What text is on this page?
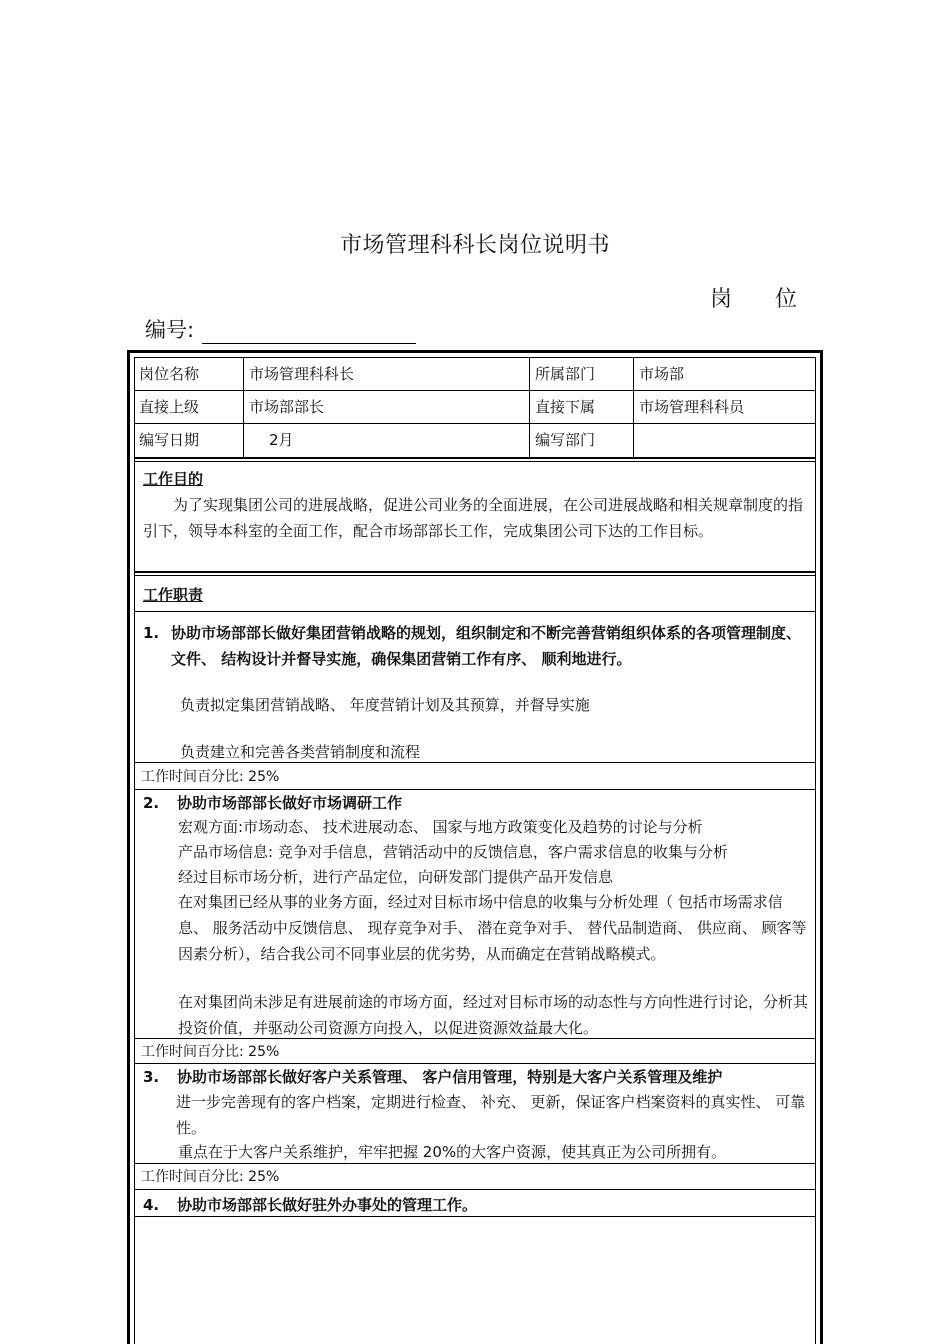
市场管理科科长岗位说明书
岗 位
编号:
岗位名称	市场管理科科长	所属部门	市场部
直接上级	市场部部长	直接下属	市场管理科科员
编写日期	2月	编写部门
工作目的
为了实现集团公司的进展战略，促进公司业务的全面进展，在公司进展战略和相关规章制度的指引下，领导本科室的全面工作，配合市场部部长工作，完成集团公司下达的工作目标。
工作职责
1. 协助市场部部长做好集团营销战略的规划，组织制定和不断完善营销组织体系的各项管理制度、 文件、 结构设计并督导实施，确保集团营销工作有序、 顺利地进行。
负责拟定集团营销战略、 年度营销计划及其预算，并督导实施
负责建立和完善各类营销制度和流程
工作时间百分比: 25%
2. 协助市场部部长做好市场调研工作
宏观方面:市场动态、 技术进展动态、 国家与地方政策变化及趋势的讨论与分析
产品市场信息: 竞争对手信息，营销活动中的反馈信息，客户需求信息的收集与分析
经过目标市场分析，进行产品定位，向研发部门提供产品开发信息
在对集团已经从事的业务方面，经过对目标市场中信息的收集与分析处理（ 包括市场需求信息、 服务活动中反馈信息、 现存竞争对手、 潜在竞争对手、 替代品制造商、 供应商、 顾客等因素分析），结合我公司不同事业层的优劣势，从而确定在营销战略模式。
在对集团尚未涉足有进展前途的市场方面，经过对目标市场的动态性与方向性进行讨论，分析其投资价值，并驱动公司资源方向投入，以促进资源效益最大化。
工作时间百分比: 25%
3. 协助市场部部长做好客户关系管理、 客户信用管理，特别是大客户关系管理及维护
进一步完善现有的客户档案，定期进行检查、 补充、 更新，保证客户档案资料的真实性、 可靠性。
重点在于大客户关系维护，牢牢把握 20%的大客户资源，使其真正为公司所拥有。
工作时间百分比: 25%
4. 协助市场部部长做好驻外办事处的管理工作。
